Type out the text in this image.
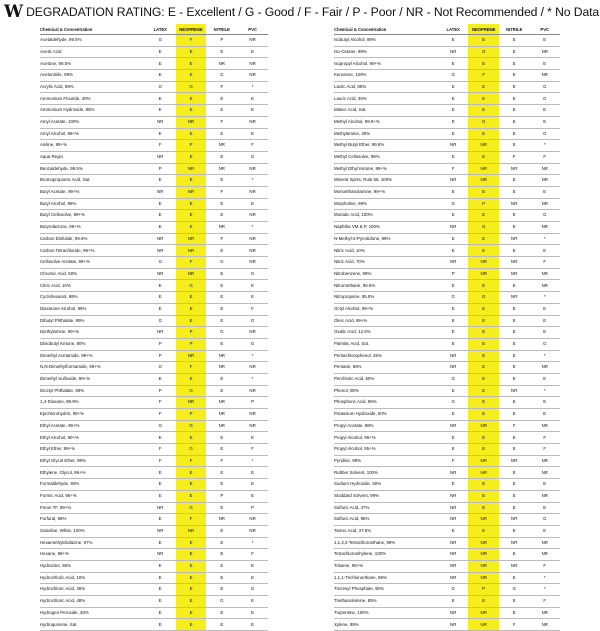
W DEGRADATION RATING: E - Excellent / G - Good / F - Fair / P - Poor / NR - Not Recommended / * No Data
Chemical & Concentration	LATEX	NEOPRENE	NITRILE	PVC
Acetaldehyde, 99.5%	G	F	P	NR
Acetic Acid	E	E	E	E
Acetone, 99.5%	E	E	NR	NR
Acetonitrile, 99%	E	E	G	NR
Acrylic Acid, 99%	G	G	F	*
Ammonium Flouride, 40%	E	E	E	E
Ammonium Hydroxide, 85%	E	E	E	E
Amyl Acetate, 100%	NR	NR	F	NR
Amyl Alcohol, 99+%	E	E	E	E
Aniline, 99+%	F	P	NR	F
Aqua Regio	NR	E	E	G
Benzaldehyde, 99.5%	P	NR	NR	NR
Bromopropionic Acid, Sat.	E	E	E	*
Butyl Acetate, 99+%	NR	NR	F	NR
Butyl Alcohol, 99%	E	E	E	E
Butyl Cellosolve, 99+%	E	E	E	NR
Butyrolactone, 99+%	E	E	NR	*
Carbon Disfulide, 99.9%	NR	NR	F	NR
Carbon Tetrachloride, 99+%	NR	NR	E	NR
Cellosolve Acetate, 99+%	G	F	G	NR
Chromic Acid, 50%	NR	NR	E	G
Citric Acid, 10%	E	G	E	E
Cyclohexanol, 98%	E	E	E	E
Diacetone Alcohol, 99%	E	E	E	F
Dibutyl Phthalate, 99%	G	E	E	G
Diethylamine, 99+%	NR	P	G	NR
Diisobutyl Ketone, 80%	P	P	E	G
Dimethyl Acetamide, 99+%	P	NR	NR	*
N,N-Dimethylformamide, 99+%	G	F	NR	NR
Dimethyl Sulfoxide, 99+%	E	E	E	*
Dioctyl Phthalate, 99%	P	G	E	NR
1,4-Dioxane, 99.9%	F	NR	NR	P
Epichlorohydrin, 99+%	F	P	NR	NR
Ethyl Acetate, 99+%	G	G	NR	NR
Ethyl Alcohol, 90+%	E	E	E	E
Ethyl Ether, 99+%	F	G	E	F
Ethyl Glycol Ether, 99%	F	F	F	*
Ethylene, Glycol, 99+%	E	E	E	E
Formaldehyde, 90%	E	E	E	E
Formic Acid, 95+%	E	E	P	E
Freon TF, 99+%	NR	G	E	P
Furfural, 99%	E	F	NR	NR
Gasoline, White, 100%	NR	NR	E	NR
Hexamethyldisilazine, 97%	E	E	E	*
Hexane, 99+%	NR	E	E	F
Hydrazine, 65%	E	E	E	E
Hydrochloric Acid, 10%	E	E	E	E
Hydrochloric Acid, 36%	E	E	E	G
Hydrochloric Acid, 48%	E	E	G	E
Hydrogen Peroxide, 30%	E	E	E	E
Hydroquinone, Sat.	E	E	E	E
Chemical & Concentration	LATEX	NEOPRENE	NITRILE	PVC
Isobutyl Alcohol, 99%	E	E	E	E
Iso-Octane, 99%	NR	G	E	NR
Isopropyl Alcohol, 99+%	E	E	E	E
Kerosene, 100%	G	F	E	NR
Lactic Acid, 85%	E	E	E	G
Lauric Acid, 36%	E	E	E	G
Maleic Acid, Sat.	E	E	E	E
Methyl Alcohol, 99.9+%	E	G	E	E
Methylamine, 40%	E	E	E	G
Methyl Butyl Ether, 99.8%	NR	NR	E	*
Methyl Cellosolve, 99%	E	E	F	F
Methyl Ethyl Ketone, 99+%	F	NR	NR	NR
Mineral Sprits, Rule 66, 100%	NR	NR	E	NR
Monoethanolamine, 99+%	E	E	E	E
Morpholine, 99%	G	P	NR	NR
Muriatic Acid, 100%	E	E	E	G
Naphtha VM & P, 100%	NR	G	E	NR
N-Methyl-2-Pyrrolidone, 99%	E	E	NR	*
Nitric Acid, 10%	E	E	E	E
Nitric Acid, 70%	NR	NR	NR	F
Nitrobenzene, 99%	P	NR	NR	NR
Nitromethane, 95.5%	E	E	E	NR
Nitropropane, 95.5%	G	G	NR	*
Octyl Alcohol, 99+%	E	E	E	E
Oleic Acid, 99+%	E	E	E	E
Oxalic Acid, 12.5%	E	E	E	E
Palmitic Acid, Sat.	E	E	E	G
Pentachlorophenol, 35%	NR	E	E	*
Pentane, 98%	NR	E	E	NR
Perchloric Acid, 60%	G	E	E	E
Phenol, 90%	E	E	NR	*
Phosphoric Acid, 85%	G	E	E	E
Potassium Hydroxide, 50%	E	E	E	E
Propyl Acetate, 98%	NR	NR	F	NR
Propyl Alcohol, 99+%	E	E	E	F
Propyl Alcohol, 95+%	E	E	E	F
Pyridine, 99%	F	NR	NR	NR
Rubber Solvent, 100%	NR	NR	E	NR
Sodium Hydroxide, 50%	E	E	E	E
Stoddard Solvent, 99%	NR	E	E	NR
Sulfuric Acid, 47%	NR	E	E	E
Sulfuric Acid, 95%	NR	NR	NR	G
Tannic Acid, 37.5%	E	E	E	E
1,1,2,2-Tetrachloroethane, 99%	NR	NR	NR	NR
Tetrachloroethylene, 100%	NR	NR	E	NR
Toluene, 99+%	NR	NR	NR	F
1,1,1-Trichloroethane, 99%	NR	NR	E	*
Tricresyl Phosphate, 90%	G	P	G	*
Triethanolamine, 85%	E	E	E	F
Turpentine, 100%	NR	NR	E	NR
Xylene, 99%	NR	NR	F	NR
